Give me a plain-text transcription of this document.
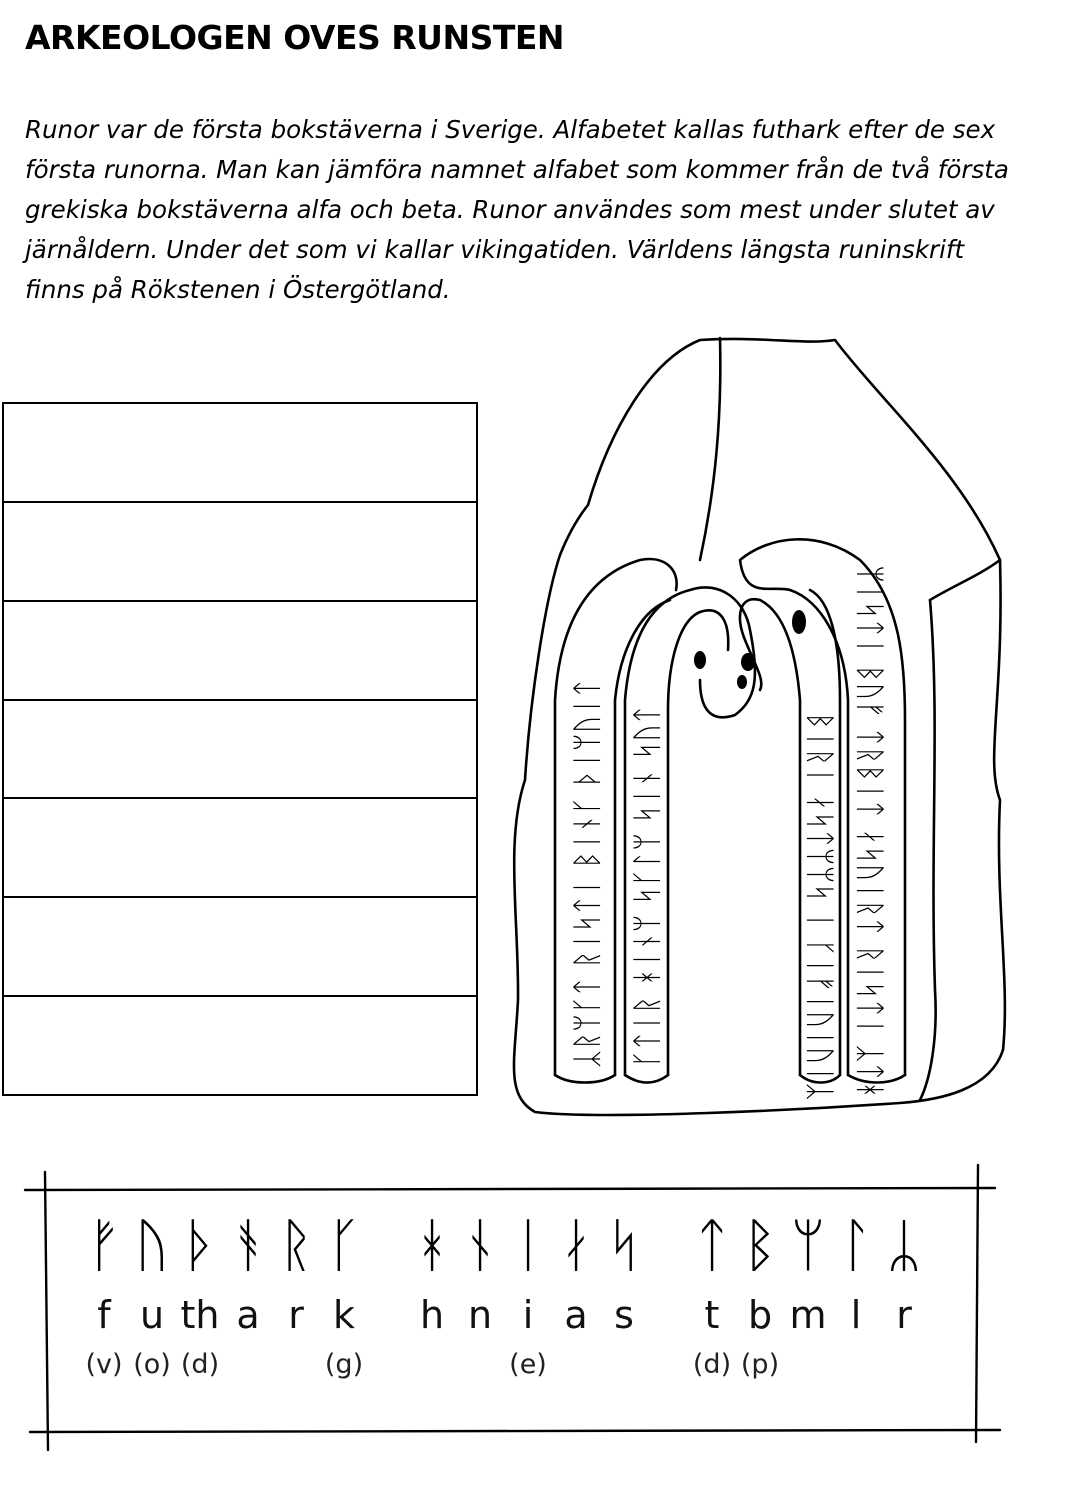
ARKEOLOGEN OVES RUNSTEN

Runor var de första bokstäverna i Sverige. Alfabetet kallas futhark efter de sex första runorna. Man kan jämföra namnet alfabet som kommer från de två första grekiska bokstäverna alfa och beta. Runor användes som mest under slutet av järnåldern. Under det som vi kallar vikingatiden. Världens längsta runinskrift finns på Rökstenen i Östergötland.

ᛣᚱᛘᚴᛏ ᚱᛁᛋᛏᛁ ᛒᛁᚾᚴ ᚦᛁᛘᚢᛁᛏ ᚴᛏᛁᚱ ᚼᛁᚾᛘ ᛋᚴᛚᛘ ᛋᛁᚾ ᛋᚢᛏ	ᛒᛁᚱᛁ ᛅᛋᛏᛘᛘᛋ ᛁ ᚴᛁᚠᛁᚢᛁᚢᛁᛣ ᛘᛁᛋᛏᛁ ᛒᚢᚠ ᛏᚱᛒᛁᛏ ᛅᛋᚢᛁᚱᛏ ᚱᛁᛋᛏᛁ ᛣᛏᚼ
ᚠ ᚢ ᚦ ᚬ ᚱ ᚴ ᚼ ᚾ ᛁ ᛅ ᛋ ᛏ ᛒ ᛘ ᛚ ᛦ
f u th a r k	h n i a s	t b m l r
(v) (o) (d)	(g)	(e)	(d) (p)
